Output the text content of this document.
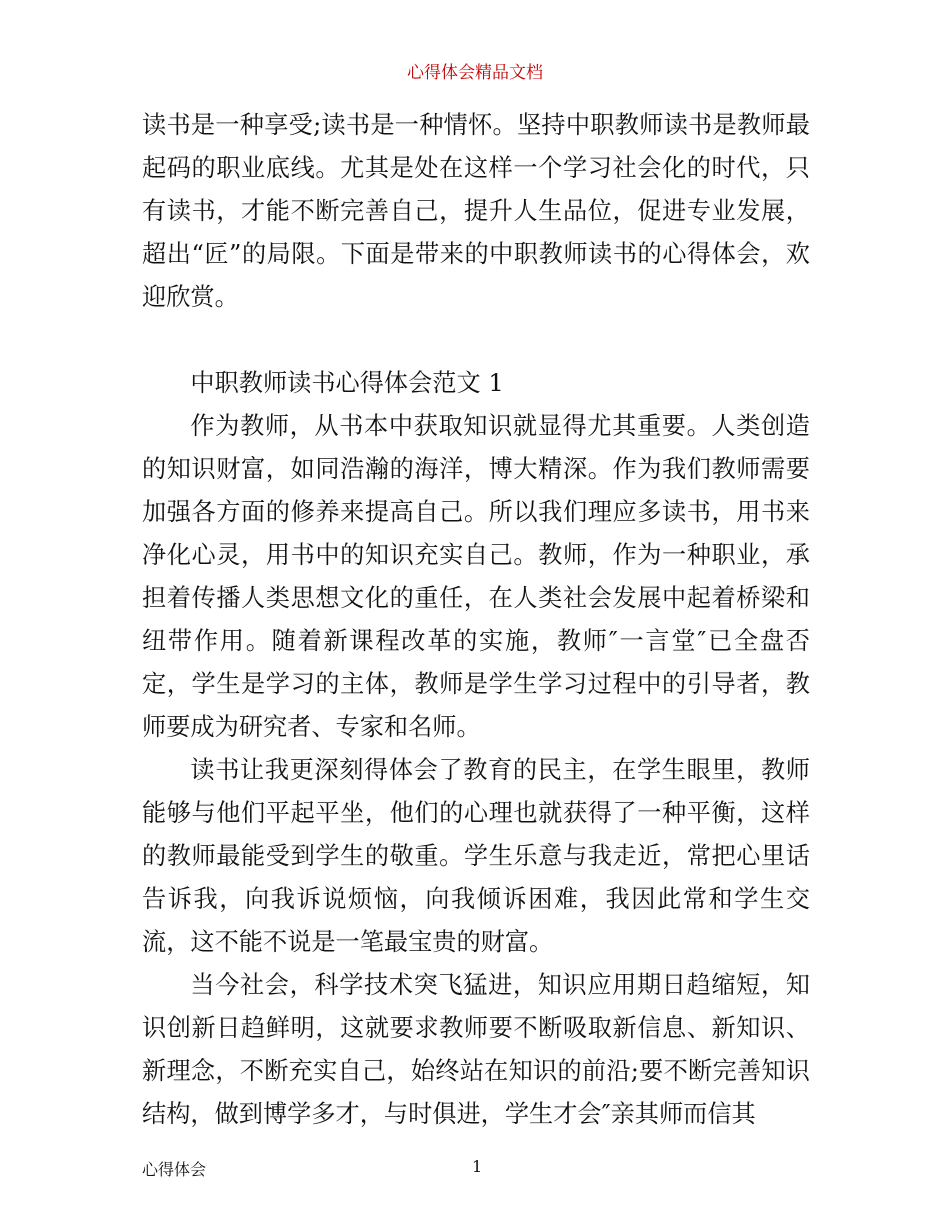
心得体会精品文档

读书是一种享受;读书是一种情怀。坚持中职教师读书是教师最起码的职业底线。尤其是处在这样一个学习社会化的时代，只有读书，才能不断完善自己，提升人生品位，促进专业发展，超出“匠”的局限。下面是带来的中职教师读书的心得体会，欢迎欣赏。

中职教师读书心得体会范文 1

作为教师，从书本中获取知识就显得尤其重要。人类创造的知识财富，如同浩瀚的海洋，博大精深。作为我们教师需要加强各方面的修养来提高自己。所以我们理应多读书，用书来净化心灵，用书中的知识充实自己。教师，作为一种职业，承担着传播人类思想文化的重任，在人类社会发展中起着桥梁和纽带作用。随着新课程改革的实施，教师″一言堂″已全盘否定，学生是学习的主体，教师是学生学习过程中的引导者，教师要成为研究者、专家和名师。

读书让我更深刻得体会了教育的民主，在学生眼里，教师能够与他们平起平坐，他们的心理也就获得了一种平衡，这样的教师最能受到学生的敬重。学生乐意与我走近，常把心里话告诉我，向我诉说烦恼，向我倾诉困难，我因此常和学生交流，这不能不说是一笔最宝贵的财富。

当今社会，科学技术突飞猛进，知识应用期日趋缩短，知识创新日趋鲜明，这就要求教师要不断吸取新信息、新知识、新理念，不断充实自己，始终站在知识的前沿;要不断完善知识结构，做到博学多才，与时俱进，学生才会″亲其师而信其

心得体会	1
